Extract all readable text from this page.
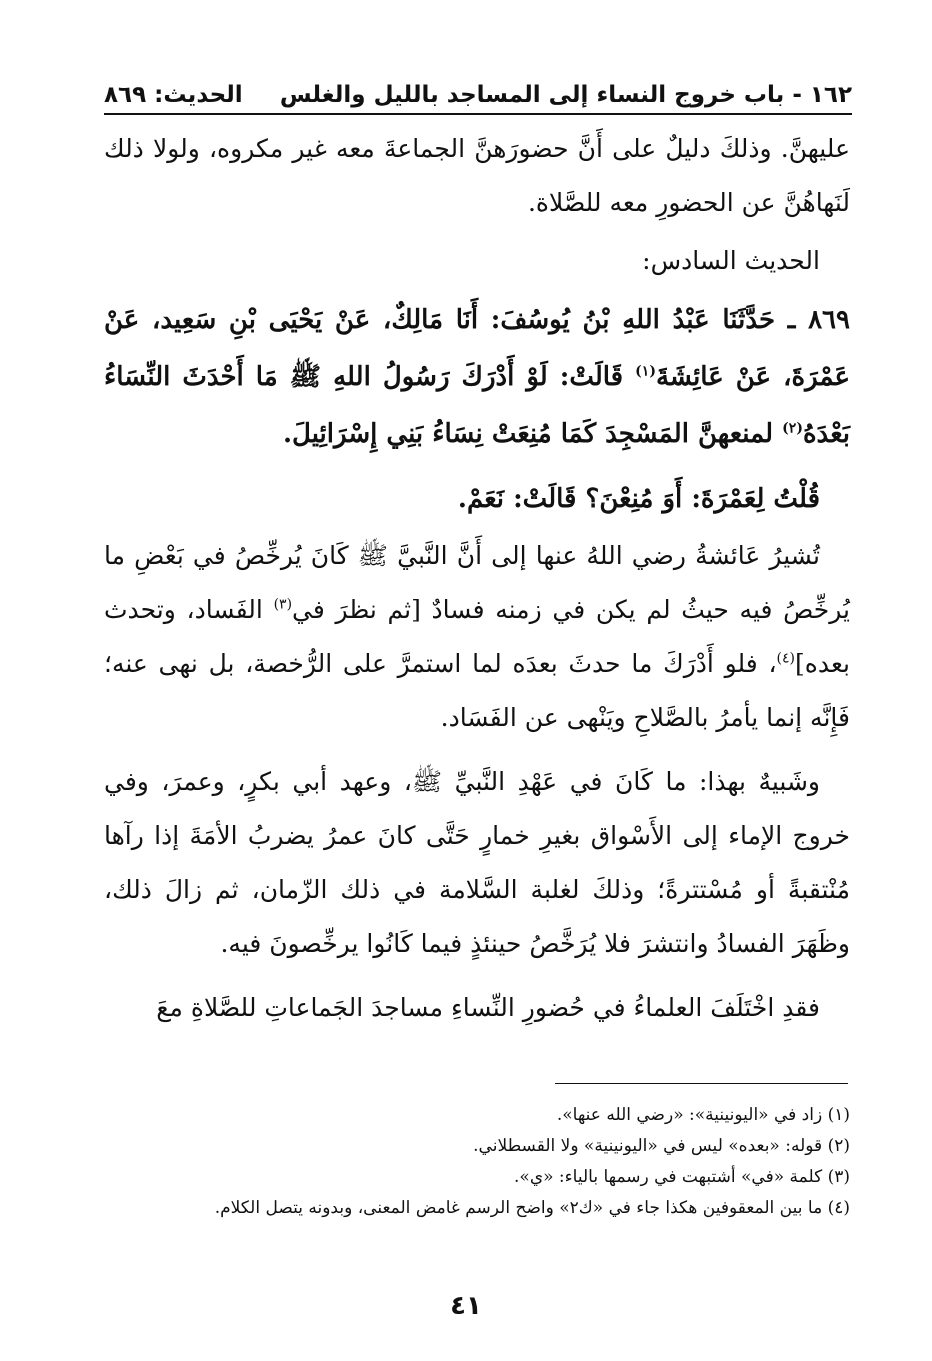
١٦٢ - باب خروج النساء إلى المساجد بالليل والغلس
الحديث: ٨٦٩

عليهنَّ. وذلكَ دليلٌ على أَنَّ حضورَهنَّ الجماعةَ معه غير مكروه، ولولا ذلك لَنَهاهُنَّ عن الحضورِ معه للصَّلاة.

الحديث السادس:

٨٦٩ ـ حَدَّثَنَا عَبْدُ اللهِ بْنُ يُوسُفَ: أَنَا مَالِكٌ، عَنْ يَحْيَى بْنِ سَعِيد، عَنْ عَمْرَةَ، عَنْ عَائِشَةَ$^{(١)}$ قَالَتْ: لَوْ أَدْرَكَ رَسُولُ اللهِ ﷺ مَا أَحْدَثَ النِّسَاءُ بَعْدَهُ$^{(٢)}$ لمنعهنَّ المَسْجِدَ كَمَا مُنِعَتْ نِسَاءُ بَنِي إِسْرَائِيلَ.

قُلْتُ لِعَمْرَةَ: أَوَ مُنِعْنَ؟ قَالَتْ: نَعَمْ.

تُشيرُ عَائشةُ رضي اللهُ عنها إلى أَنَّ النَّبيَّ ﷺ كَانَ يُرخِّصُ في بَعْضِ ما يُرخِّصُ فيه حيثُ لم يكن في زمنه فسادٌ [ثم نظرَ في$^{(٣)}$ الفَساد، وتحدث بعده]$^{(٤)}$، فلو أَدْرَكَ ما حدثَ بعدَه لما استمرَّ على الرُّخصة، بل نهى عنه؛ فَإِنَّه إنما يأمرُ بالصَّلاحِ ويَنْهى عن الفَسَاد.

وشَبيهٌ بهذا: ما كَانَ في عَهْدِ النَّبيِّ ﷺ، وعهد أبي بكرٍ، وعمرَ، وفي خروج الإماء إلى الأَسْواق بغيرِ خمارٍ حَتَّى كانَ عمرُ يضربُ الأمَةَ إذا رآها مُنْتقبةً أو مُسْتترةً؛ وذلكَ لغلبة السَّلامة في ذلك الزّمان، ثم زالَ ذلك، وظَهَرَ الفسادُ وانتشرَ فلا يُرَخَّصُ حينئذٍ فيما كَانُوا يرخِّصونَ فيه.

فقدِ اخْتَلَفَ العلماءُ في حُضورِ النِّساءِ مساجدَ الجَماعاتِ للصَّلاةِ معَ

(١) زاد في «اليونينية»: «رضي الله عنها».

(٢) قوله: «بعده» ليس في «اليونينية» ولا القسطلاني.

(٣) كلمة «في» أشتبهت في رسمها بالياء: «ي».

(٤) ما بين المعقوفين هكذا جاء في «ك٢» واضح الرسم غامض المعنى، وبدونه يتصل الكلام.

٤١
